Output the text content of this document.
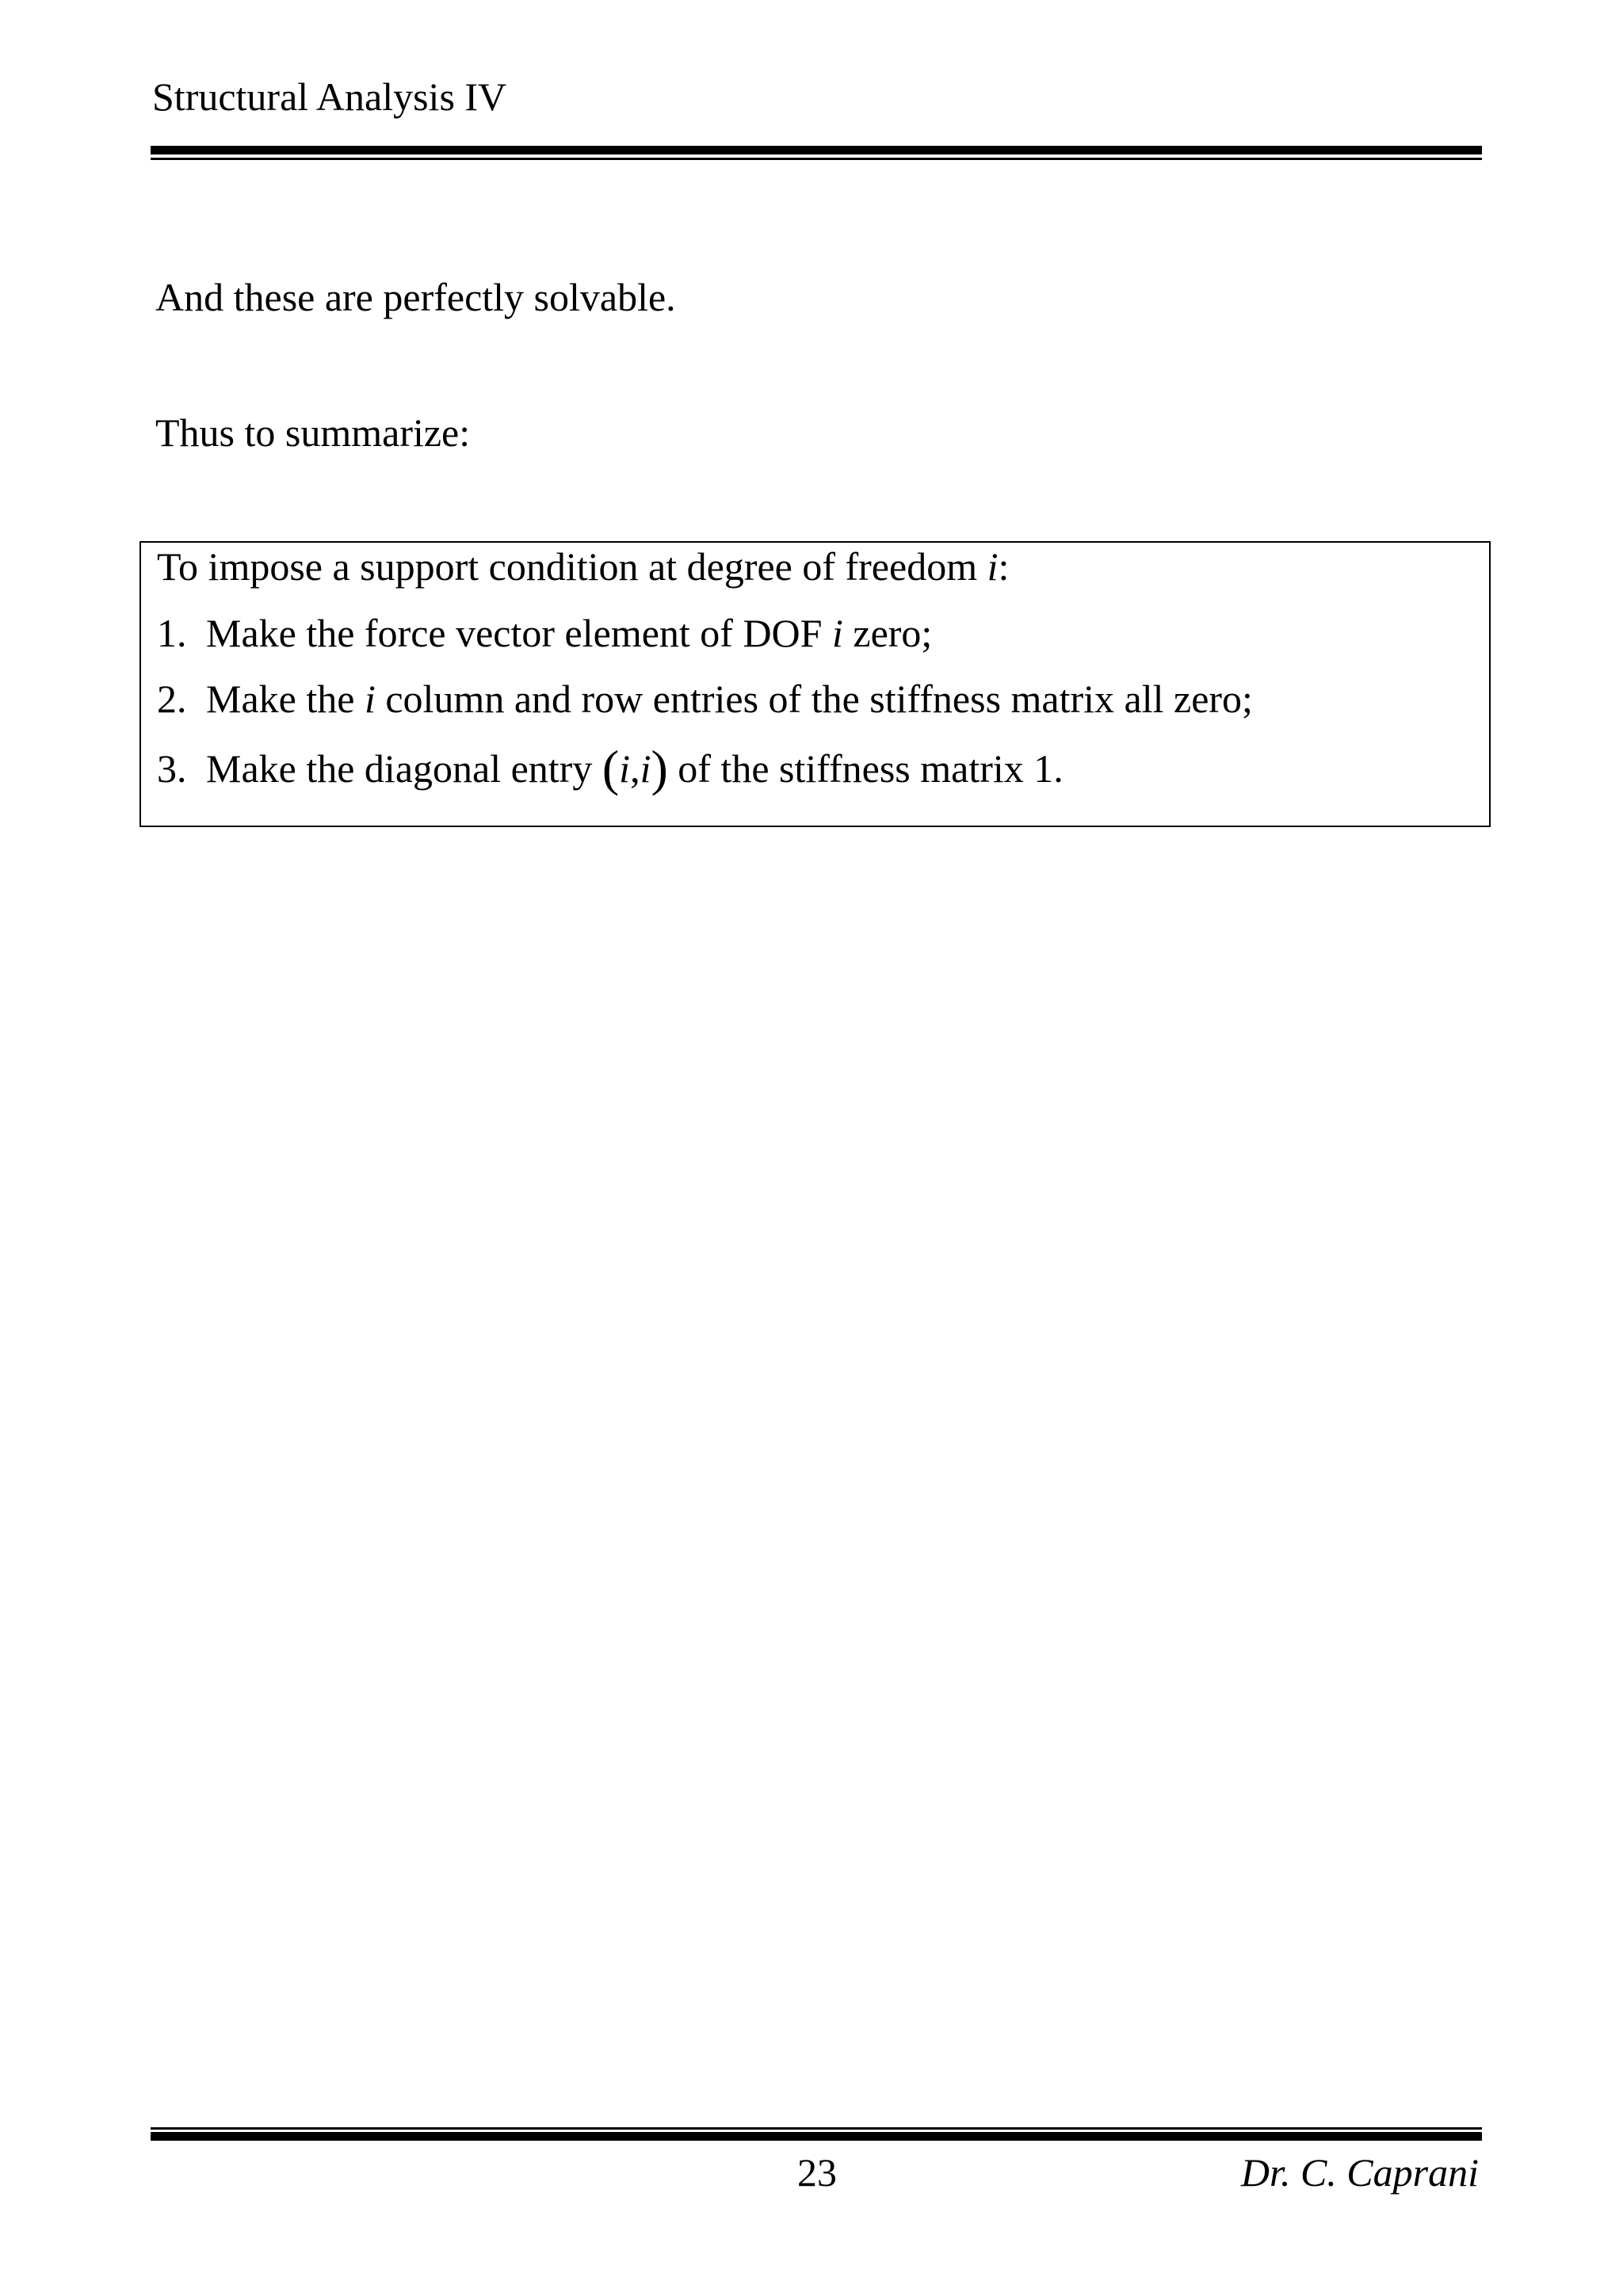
Structural Analysis IV
And these are perfectly solvable.
Thus to summarize:
To impose a support condition at degree of freedom i:
1. Make the force vector element of DOF i zero;
2. Make the i column and row entries of the stiffness matrix all zero;
3. Make the diagonal entry (i,i) of the stiffness matrix 1.
23	Dr. C. Caprani
